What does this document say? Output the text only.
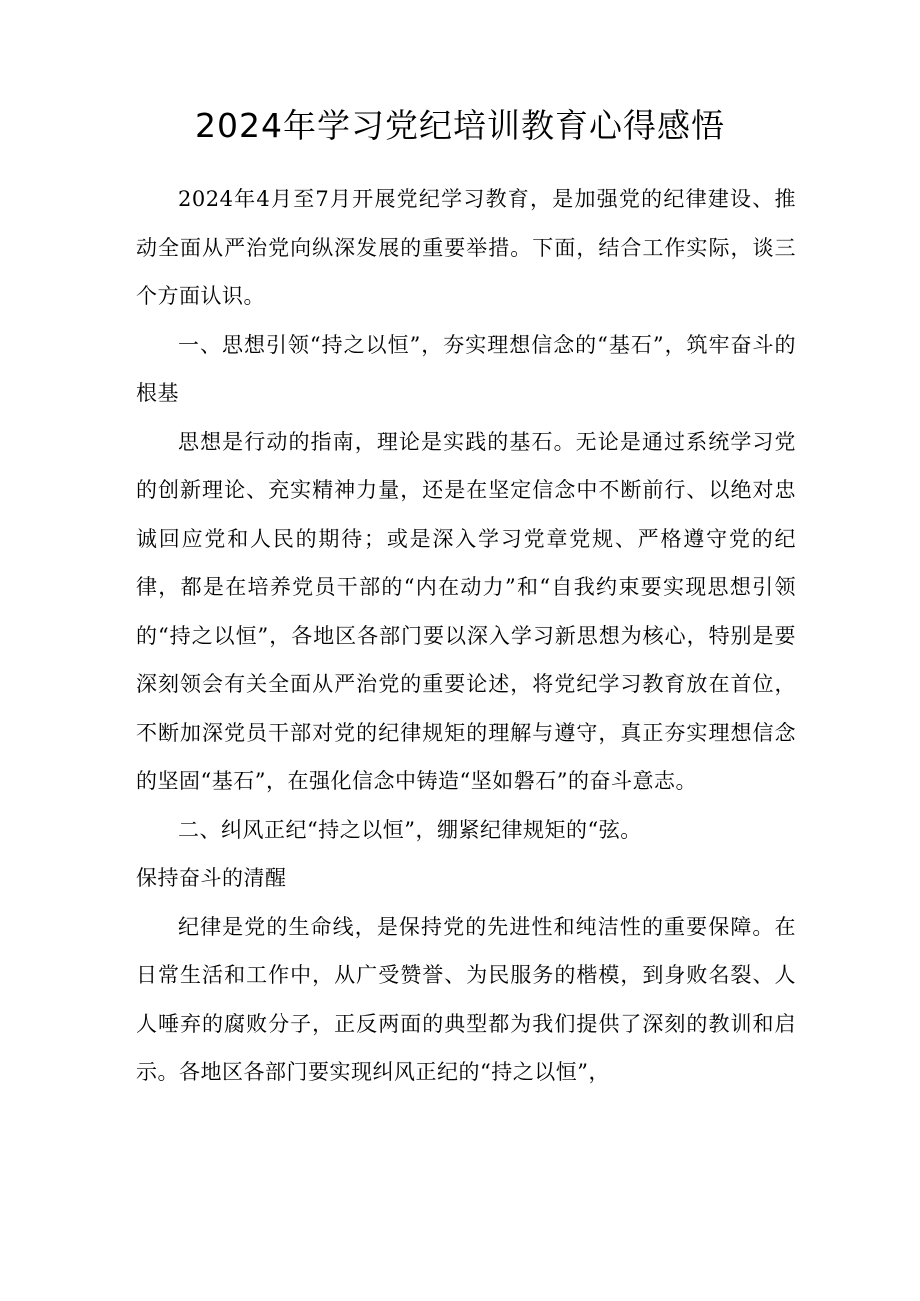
2024年学习党纪培训教育心得感悟

2024年4月至7月开展党纪学习教育，是加强党的纪律建设、推动全面从严治党向纵深发展的重要举措。下面，结合工作实际，谈三个方面认识。

一、思想引领“持之以恒”，夯实理想信念的“基石”，筑牢奋斗的根基

思想是行动的指南，理论是实践的基石。无论是通过系统学习党的创新理论、充实精神力量，还是在坚定信念中不断前行、以绝对忠诚回应党和人民的期待；或是深入学习党章党规、严格遵守党的纪律，都是在培养党员干部的“内在动力”和“自我约束要实现思想引领的“持之以恒”，各地区各部门要以深入学习新思想为核心，特别是要深刻领会有关全面从严治党的重要论述，将党纪学习教育放在首位，不断加深党员干部对党的纪律规矩的理解与遵守，真正夯实理想信念的坚固“基石”，在强化信念中铸造“坚如磐石”的奋斗意志。

二、纠风正纪“持之以恒”，绷紧纪律规矩的“弦。

保持奋斗的清醒

纪律是党的生命线，是保持党的先进性和纯洁性的重要保障。在日常生活和工作中，从广受赞誉、为民服务的楷模，到身败名裂、人人唾弃的腐败分子，正反两面的典型都为我们提供了深刻的教训和启示。各地区各部门要实现纠风正纪的“持之以恒”，
